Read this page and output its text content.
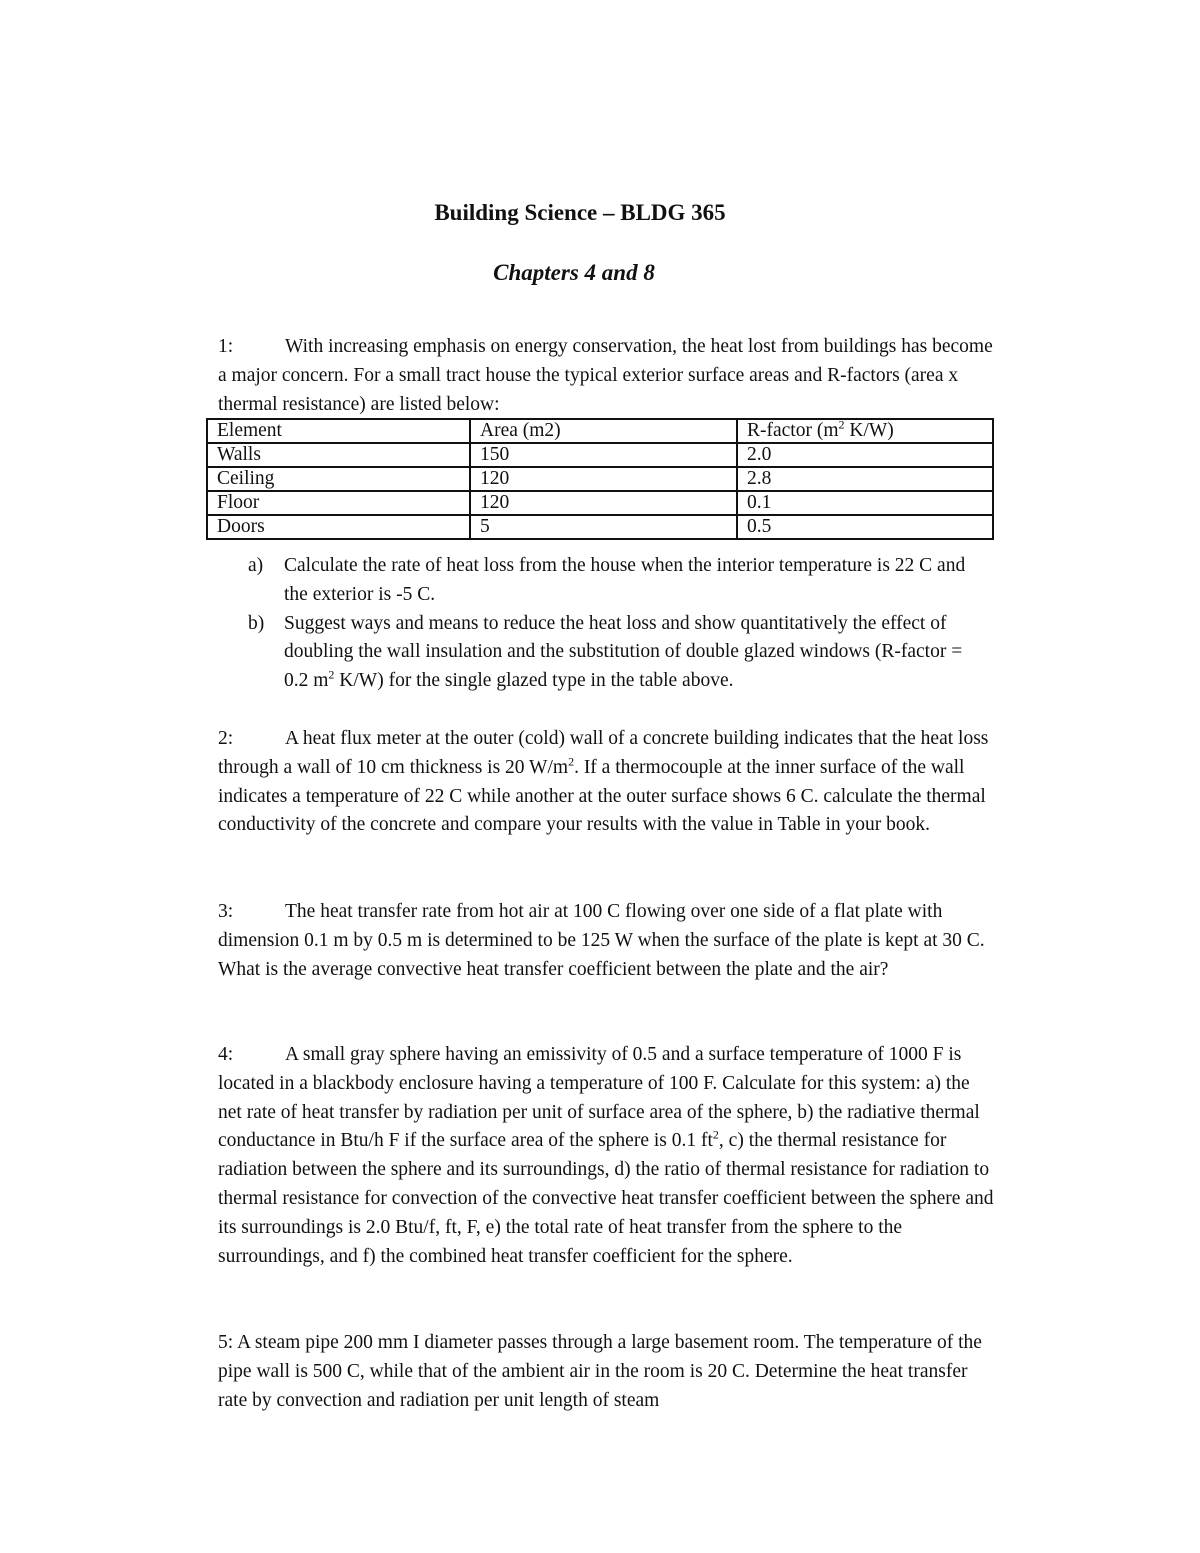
Building Science – BLDG 365
Chapters 4 and 8
1:	With increasing emphasis on energy conservation, the heat lost from buildings has become a major concern. For a small tract house the typical exterior surface areas and R-factors (area x thermal resistance) are listed below:
Element	Area (m2)	R-factor ($m^2$ K/W)
Walls	150	2.0
Ceiling	120	2.8
Floor	120	0.1
Doors	5	0.5
a)	Calculate the rate of heat loss from the house when the interior temperature is 22 C and the exterior is -5 C.
b)	Suggest ways and means to reduce the heat loss and show quantitatively the effect of doubling the wall insulation and the substitution of double glazed windows (R-factor = 0.2 $m^2$ K/W) for the single glazed type in the table above.
2:	A heat flux meter at the outer (cold) wall of a concrete building indicates that the heat loss through a wall of 10 cm thickness is 20 $W/m^2$. If a thermocouple at the inner surface of the wall indicates a temperature of 22 C while another at the outer surface shows 6 C. calculate the thermal conductivity of the concrete and compare your results with the value in Table in your book.
3:	The heat transfer rate from hot air at 100 C flowing over one side of a flat plate with dimension 0.1 m by 0.5 m is determined to be 125 W when the surface of the plate is kept at 30 C. What is the average convective heat transfer coefficient between the plate and the air?
4:	A small gray sphere having an emissivity of 0.5 and a surface temperature of 1000 F is located in a blackbody enclosure having a temperature of 100 F. Calculate for this system: a) the net rate of heat transfer by radiation per unit of surface area of the sphere, b) the radiative thermal conductance in Btu/h F if the surface area of the sphere is 0.1 $ft^2$, c) the thermal resistance for radiation between the sphere and its surroundings, d) the ratio of thermal resistance for radiation to thermal resistance for convection of the convective heat transfer coefficient between the sphere and its surroundings is 2.0 Btu/f, ft, F, e) the total rate of heat transfer from the sphere to the surroundings, and f) the combined heat transfer coefficient for the sphere.
5: A steam pipe 200 mm I diameter passes through a large basement room. The temperature of the pipe wall is 500 C, while that of the ambient air in the room is 20 C. Determine the heat transfer rate by convection and radiation per unit length of steam
